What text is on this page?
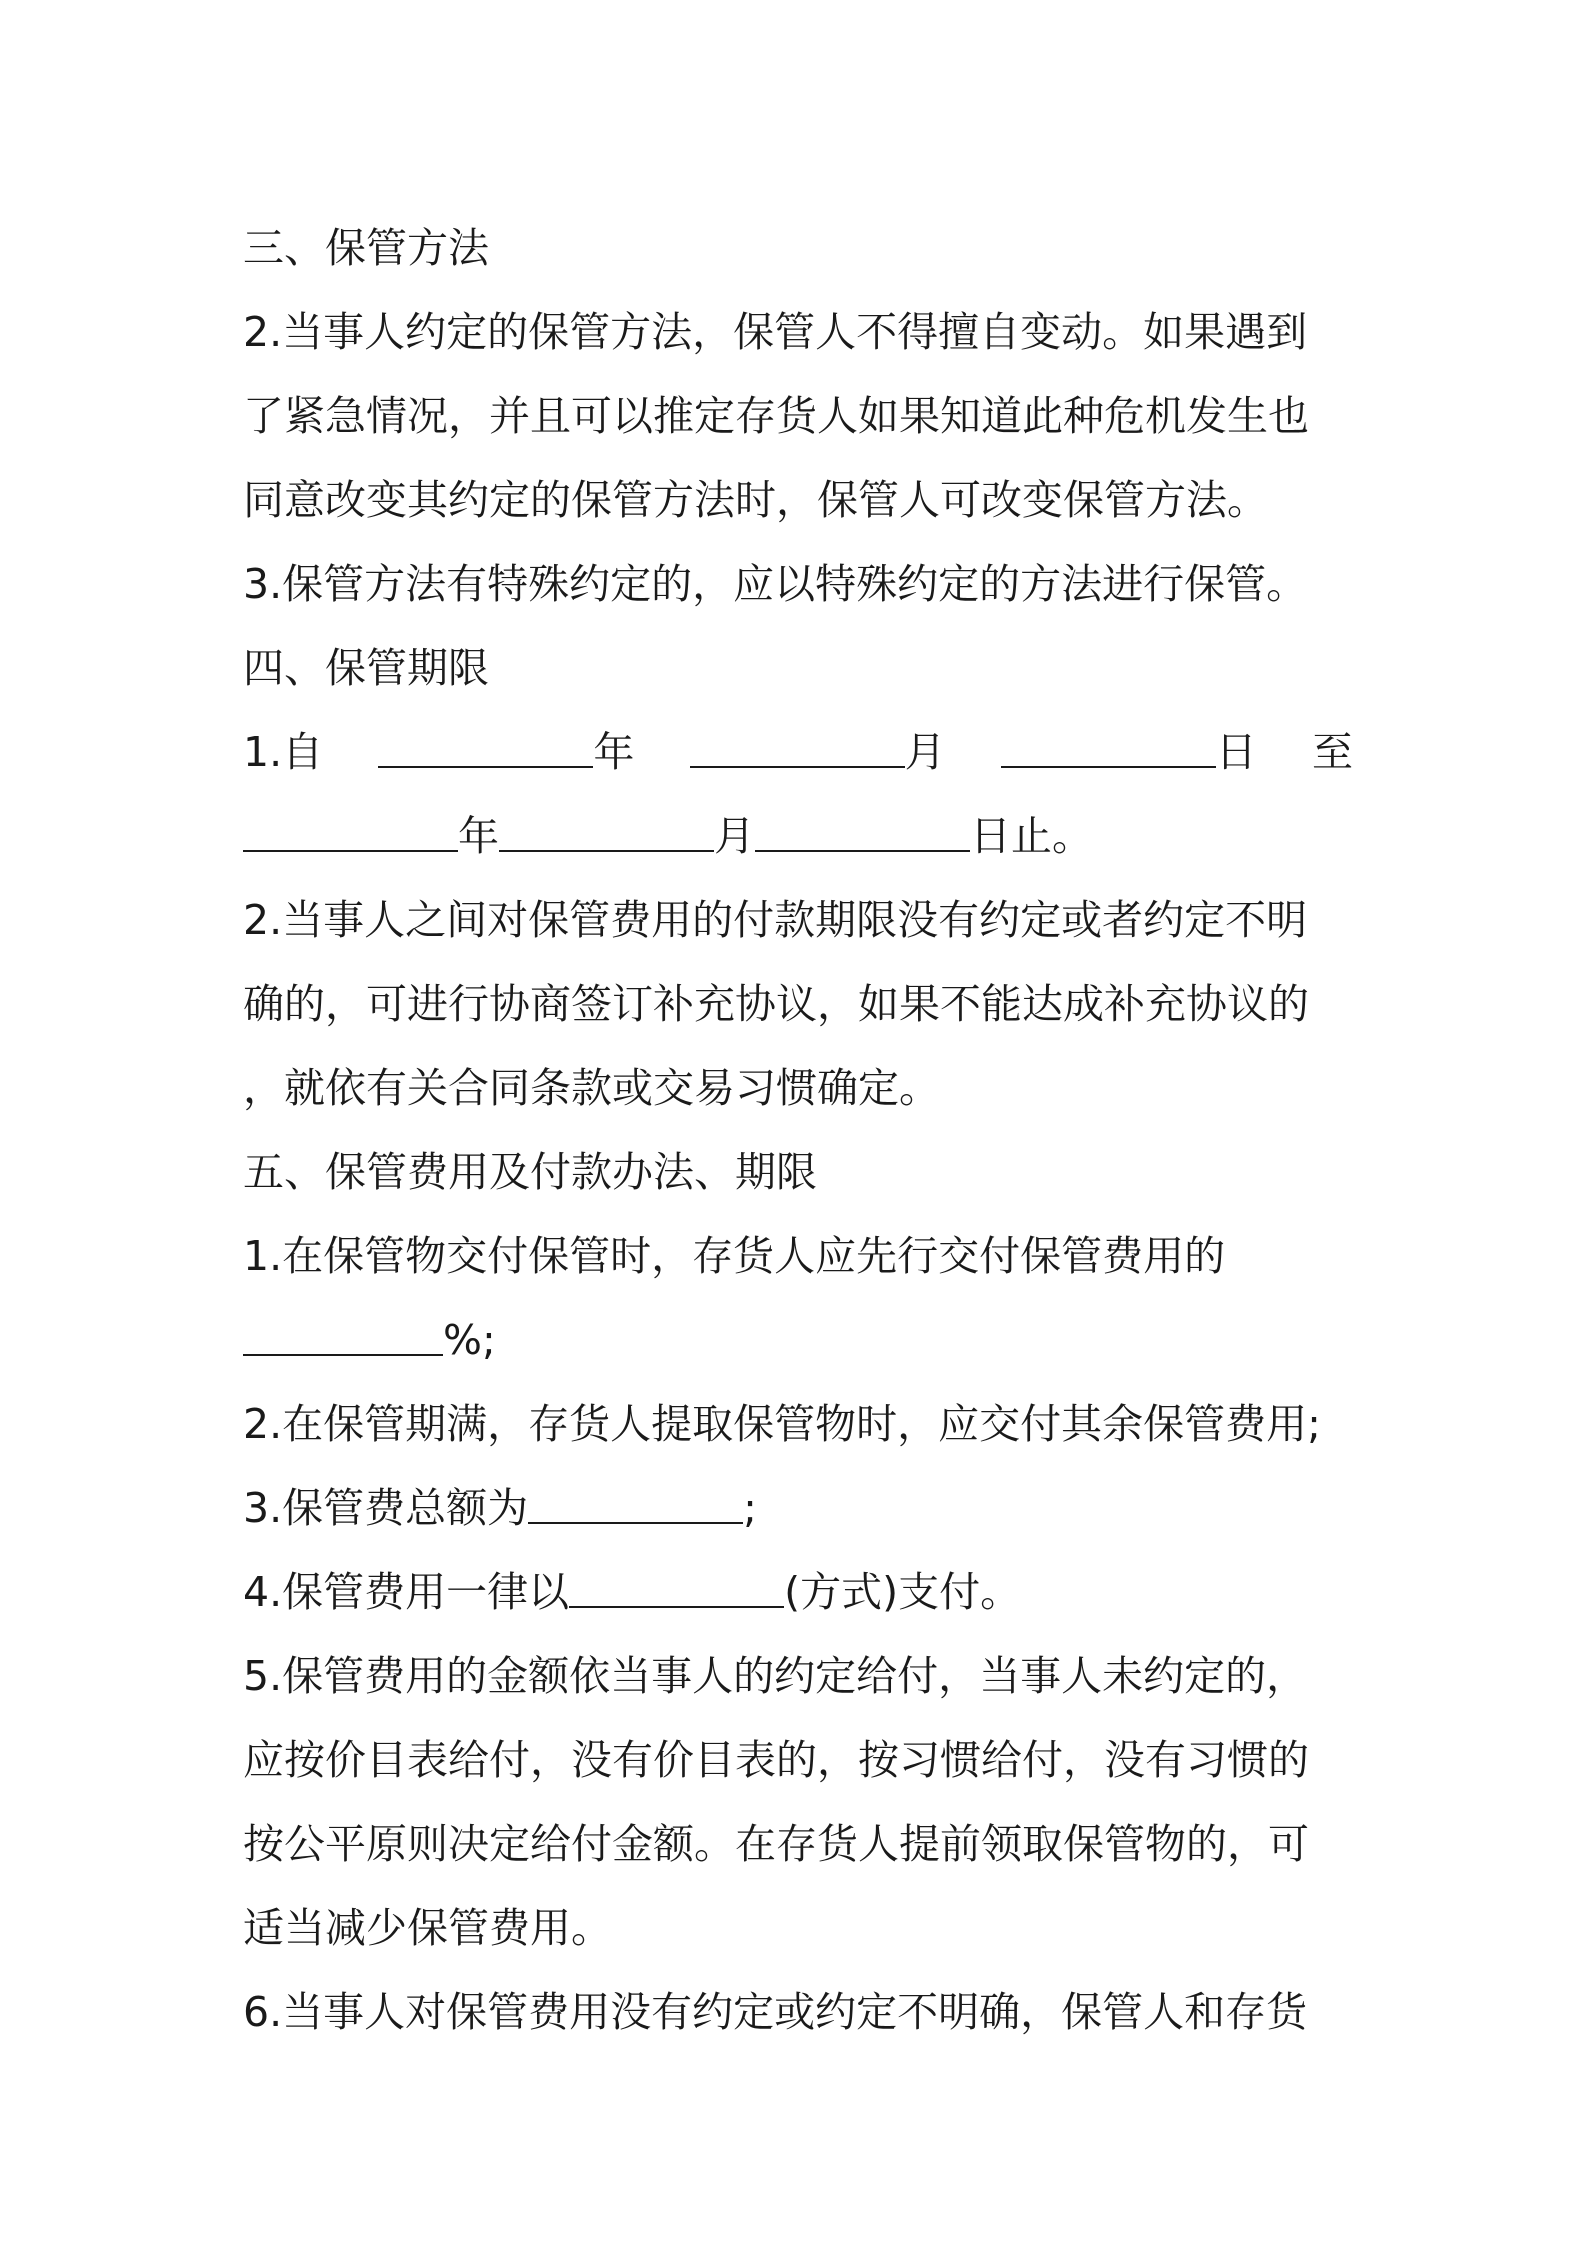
三、保管方法
2.当事人约定的保管方法，保管人不得擅自变动。如果遇到
了紧急情况，并且可以推定存货人如果知道此种危机发生也
同意改变其约定的保管方法时，保管人可改变保管方法。
3.保管方法有特殊约定的，应以特殊约定的方法进行保管。
四、保管期限
1.自	年	月	日 至
年	月	日止。
2.当事人之间对保管费用的付款期限没有约定或者约定不明
确的，可进行协商签订补充协议，如果不能达成补充协议的
，就依有关合同条款或交易习惯确定。
五、保管费用及付款办法、期限
1.在保管物交付保管时，存货人应先行交付保管费用的
%;
2.在保管期满，存货人提取保管物时，应交付其余保管费用;
3.保管费总额为	;
4.保管费用一律以	(方式)支付。
5.保管费用的金额依当事人的约定给付，当事人未约定的，
应按价目表给付，没有价目表的，按习惯给付，没有习惯的
按公平原则决定给付金额。在存货人提前领取保管物的，可
适当减少保管费用。
6.当事人对保管费用没有约定或约定不明确，保管人和存货
